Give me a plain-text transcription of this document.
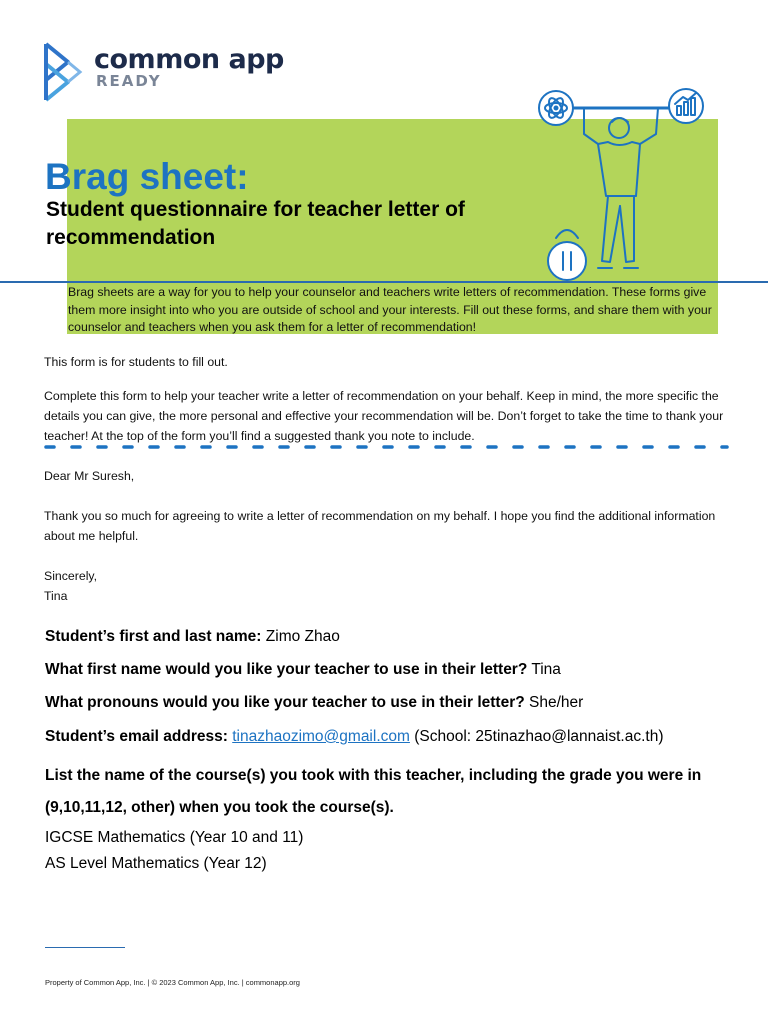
common app
READY
Brag sheet:
Student questionnaire for teacher letter of recommendation
Brag sheets are a way for you to help your counselor and teachers write letters of recommendation. These forms give them more insight into who you are outside of school and your interests. Fill out these forms, and share them with your counselor and teachers when you ask them for a letter of recommendation!
This form is for students to fill out.
Complete this form to help your teacher write a letter of recommendation on your behalf. Keep in mind, the more specific the details you can give, the more personal and effective your recommendation will be. Don’t forget to take the time to thank your teacher! At the top of the form you’ll find a suggested thank you note to include.
Dear Mr Suresh,
Thank you so much for agreeing to write a letter of recommendation on my behalf. I hope you find the additional information about me helpful.
Sincerely,
Tina
Student’s first and last name: Zimo Zhao
What first name would you like your teacher to use in their letter? Tina
What pronouns would you like your teacher to use in their letter? She/her
Student’s email address: tinazhaozimo@gmail.com (School: 25tinazhao@lannaist.ac.th)
List the name of the course(s) you took with this teacher, including the grade you were in (9,10,11,12, other) when you took the course(s).
IGCSE Mathematics (Year 10 and 11)
AS Level Mathematics (Year 12)
Property of Common App, Inc. | © 2023 Common App, Inc. | commonapp.org
